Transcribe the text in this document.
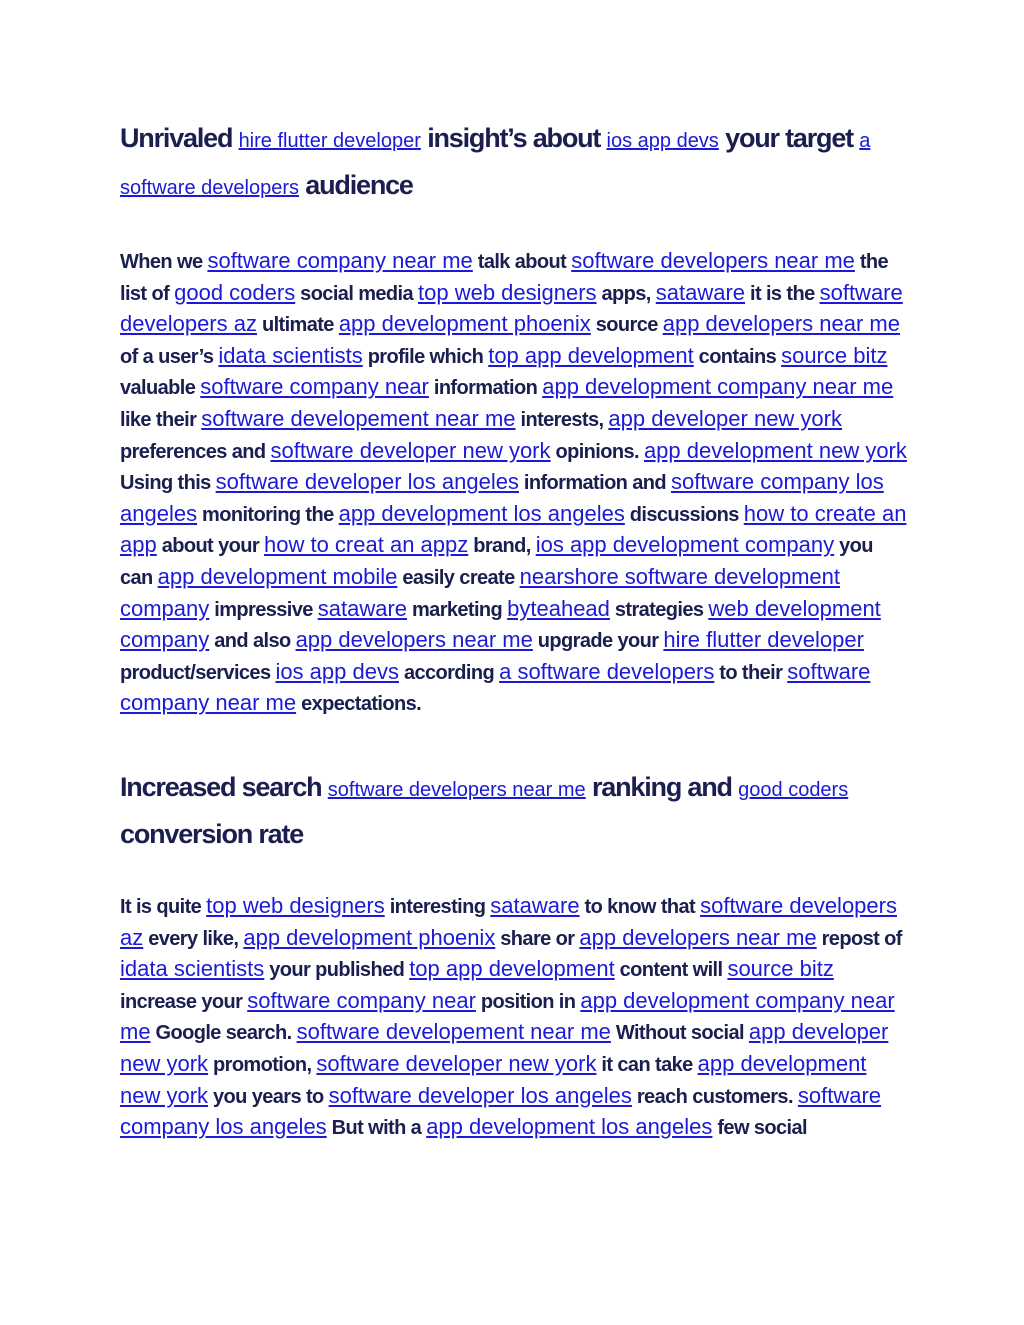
Unrivaled hire flutter developer insight’s about ios app devs your target a software developers audience
When we software company near me talk about software developers near me the list of good coders social media top web designers apps, sataware it is the software developers az ultimate app development phoenix source app developers near me of a user’s idata scientists profile which top app development contains source bitz valuable software company near information app development company near me like their software developement near me interests, app developer new york preferences and software developer new york opinions. app development new york Using this software developer los angeles information and software company los angeles monitoring the app development los angeles discussions how to create an app about your how to creat an appz brand, ios app development company you can app development mobile easily create nearshore software development company impressive sataware marketing byteahead strategies web development company and also app developers near me upgrade your hire flutter developer product/services ios app devs according a software developers to their software company near me expectations.
Increased search software developers near me ranking and good coders conversion rate
It is quite top web designers interesting sataware to know that software developers az every like, app development phoenix share or app developers near me repost of idata scientists your published top app development content will source bitz increase your software company near position in app development company near me Google search. software developement near me Without social app developer new york promotion, software developer new york it can take app development new york you years to software developer los angeles reach customers. software company los angeles But with a app development los angeles few social
